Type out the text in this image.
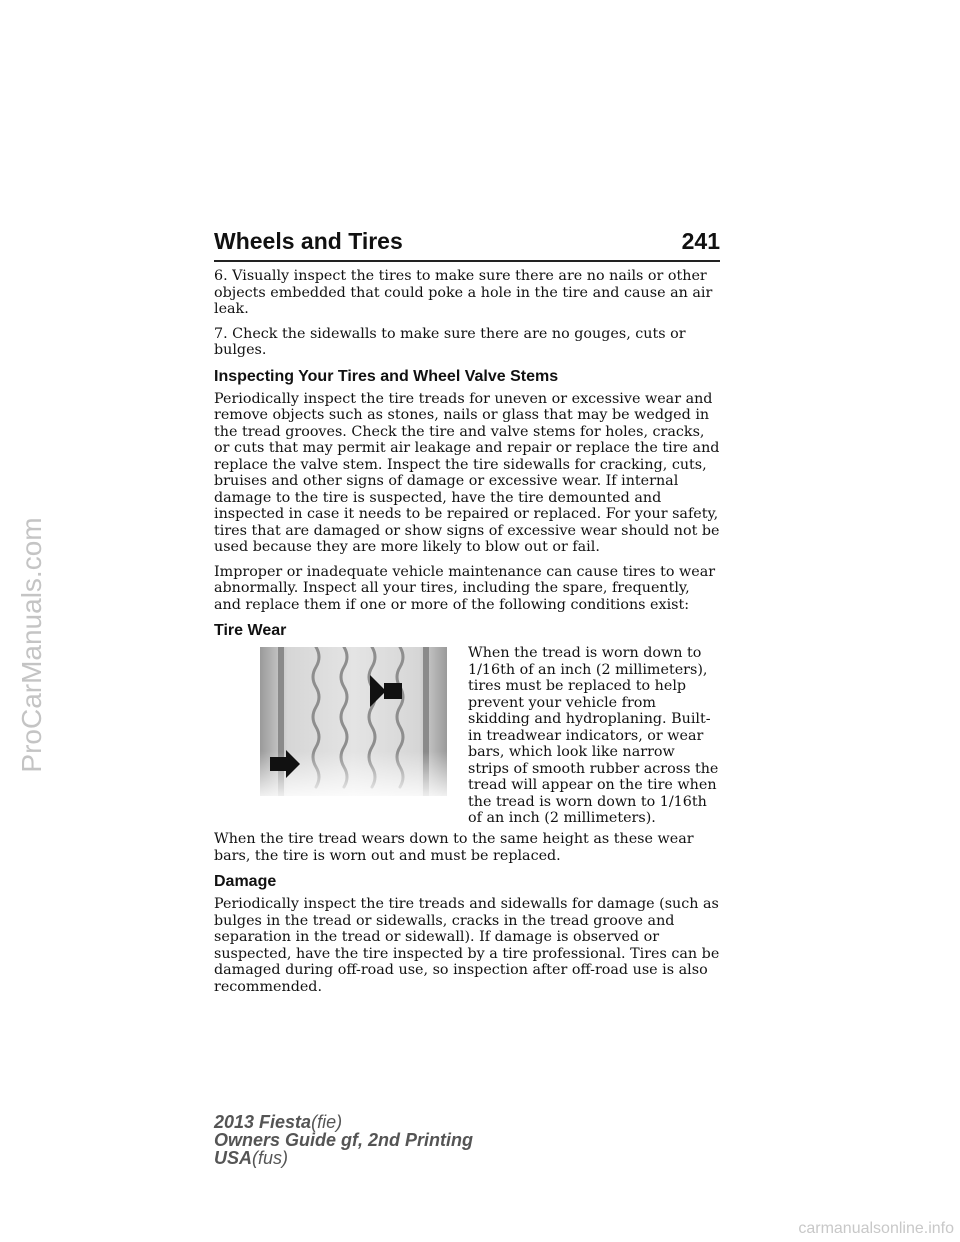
ProCarManuals.com
Wheels and Tires	241

6. Visually inspect the tires to make sure there are no nails or other objects embedded that could poke a hole in the tire and cause an air leak.

7. Check the sidewalls to make sure there are no gouges, cuts or bulges.

Inspecting Your Tires and Wheel Valve Stems

Periodically inspect the tire treads for uneven or excessive wear and remove objects such as stones, nails or glass that may be wedged in the tread grooves. Check the tire and valve stems for holes, cracks, or cuts that may permit air leakage and repair or replace the tire and replace the valve stem. Inspect the tire sidewalls for cracking, cuts, bruises and other signs of damage or excessive wear. If internal damage to the tire is suspected, have the tire demounted and inspected in case it needs to be repaired or replaced. For your safety, tires that are damaged or show signs of excessive wear should not be used because they are more likely to blow out or fail.

Improper or inadequate vehicle maintenance can cause tires to wear abnormally. Inspect all your tires, including the spare, frequently, and replace them if one or more of the following conditions exist:

Tire Wear
When the tread is worn down to 1/16th of an inch (2 millimeters), tires must be replaced to help prevent your vehicle from skidding and hydroplaning. Built-in treadwear indicators, or wear bars, which look like narrow strips of smooth rubber across the tread will appear on the tire when the tread is worn down to 1/16th of an inch (2 millimeters).

When the tire tread wears down to the same height as these wear bars, the tire is worn out and must be replaced.

Damage

Periodically inspect the tire treads and sidewalls for damage (such as bulges in the tread or sidewalls, cracks in the tread groove and separation in the tread or sidewall). If damage is observed or suspected, have the tire inspected by a tire professional. Tires can be damaged during off-road use, so inspection after off-road use is also recommended.

2013 Fiesta(fie)
Owners Guide gf, 2nd Printing
USA(fus)
carmanualsonline.info
